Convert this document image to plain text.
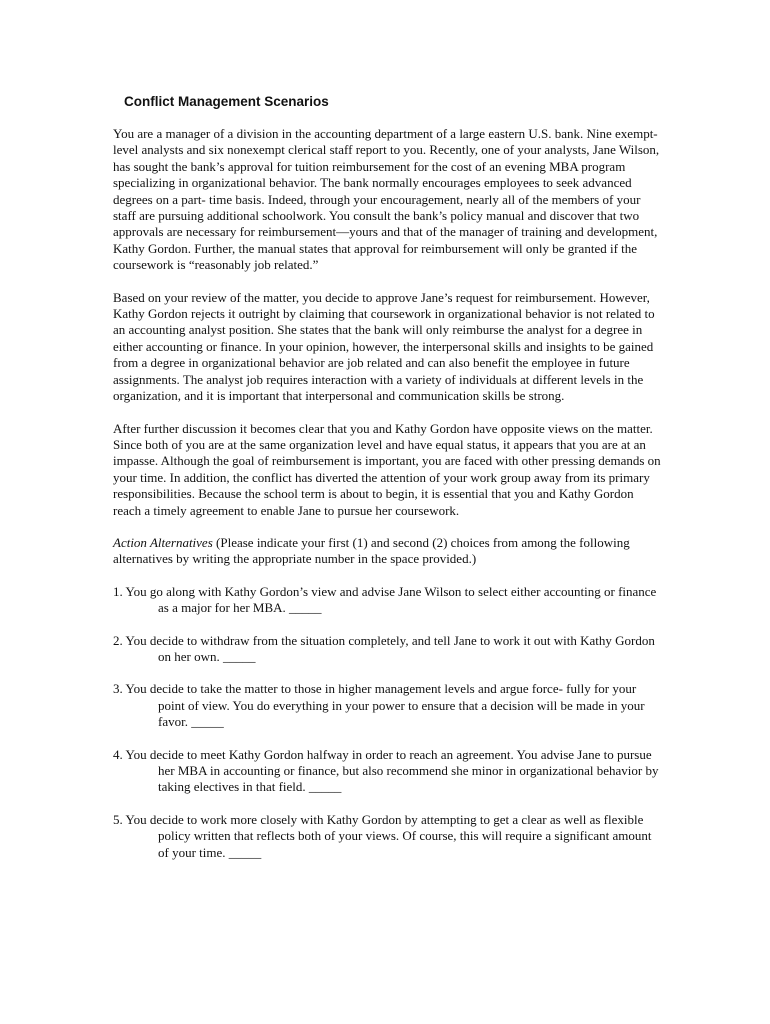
Conflict Management Scenarios

You are a manager of a division in the accounting department of a large eastern U.S. bank. Nine exempt-level analysts and six nonexempt clerical staff report to you. Recently, one of your analysts, Jane Wilson, has sought the bank’s approval for tuition reimbursement for the cost of an evening MBA program specializing in organizational behavior. The bank normally encourages employees to seek advanced degrees on a part- time basis. Indeed, through your encouragement, nearly all of the members of your staff are pursuing additional schoolwork. You consult the bank’s policy manual and discover that two approvals are necessary for reimbursement—yours and that of the manager of training and development, Kathy Gordon. Further, the manual states that approval for reimbursement will only be granted if the coursework is “reasonably job related.”

Based on your review of the matter, you decide to approve Jane’s request for reimbursement. However, Kathy Gordon rejects it outright by claiming that coursework in organizational behavior is not related to an accounting analyst position. She states that the bank will only reimburse the analyst for a degree in either accounting or finance. In your opinion, however, the interpersonal skills and insights to be gained from a degree in organizational behavior are job related and can also benefit the employee in future assignments. The analyst job requires interaction with a variety of individuals at different levels in the organization, and it is important that interpersonal and communication skills be strong.

After further discussion it becomes clear that you and Kathy Gordon have opposite views on the matter. Since both of you are at the same organization level and have equal status, it appears that you are at an impasse. Although the goal of reimbursement is important, you are faced with other pressing demands on your time. In addition, the conflict has diverted the attention of your work group away from its primary responsibilities. Because the school term is about to begin, it is essential that you and Kathy Gordon reach a timely agreement to enable Jane to pursue her coursework.

Action Alternatives (Please indicate your first (1) and second (2) choices from among the following alternatives by writing the appropriate number in the space provided.)

1. You go along with Kathy Gordon’s view and advise Jane Wilson to select either accounting or finance as a major for her MBA. _____

2. You decide to withdraw from the situation completely, and tell Jane to work it out with Kathy Gordon on her own. _____

3. You decide to take the matter to those in higher management levels and argue force- fully for your point of view. You do everything in your power to ensure that a decision will be made in your favor. _____

4. You decide to meet Kathy Gordon halfway in order to reach an agreement. You advise Jane to pursue her MBA in accounting or finance, but also recommend she minor in organizational behavior by taking electives in that field. _____

5. You decide to work more closely with Kathy Gordon by attempting to get a clear as well as flexible policy written that reflects both of your views. Of course, this will require a significant amount of your time. _____
